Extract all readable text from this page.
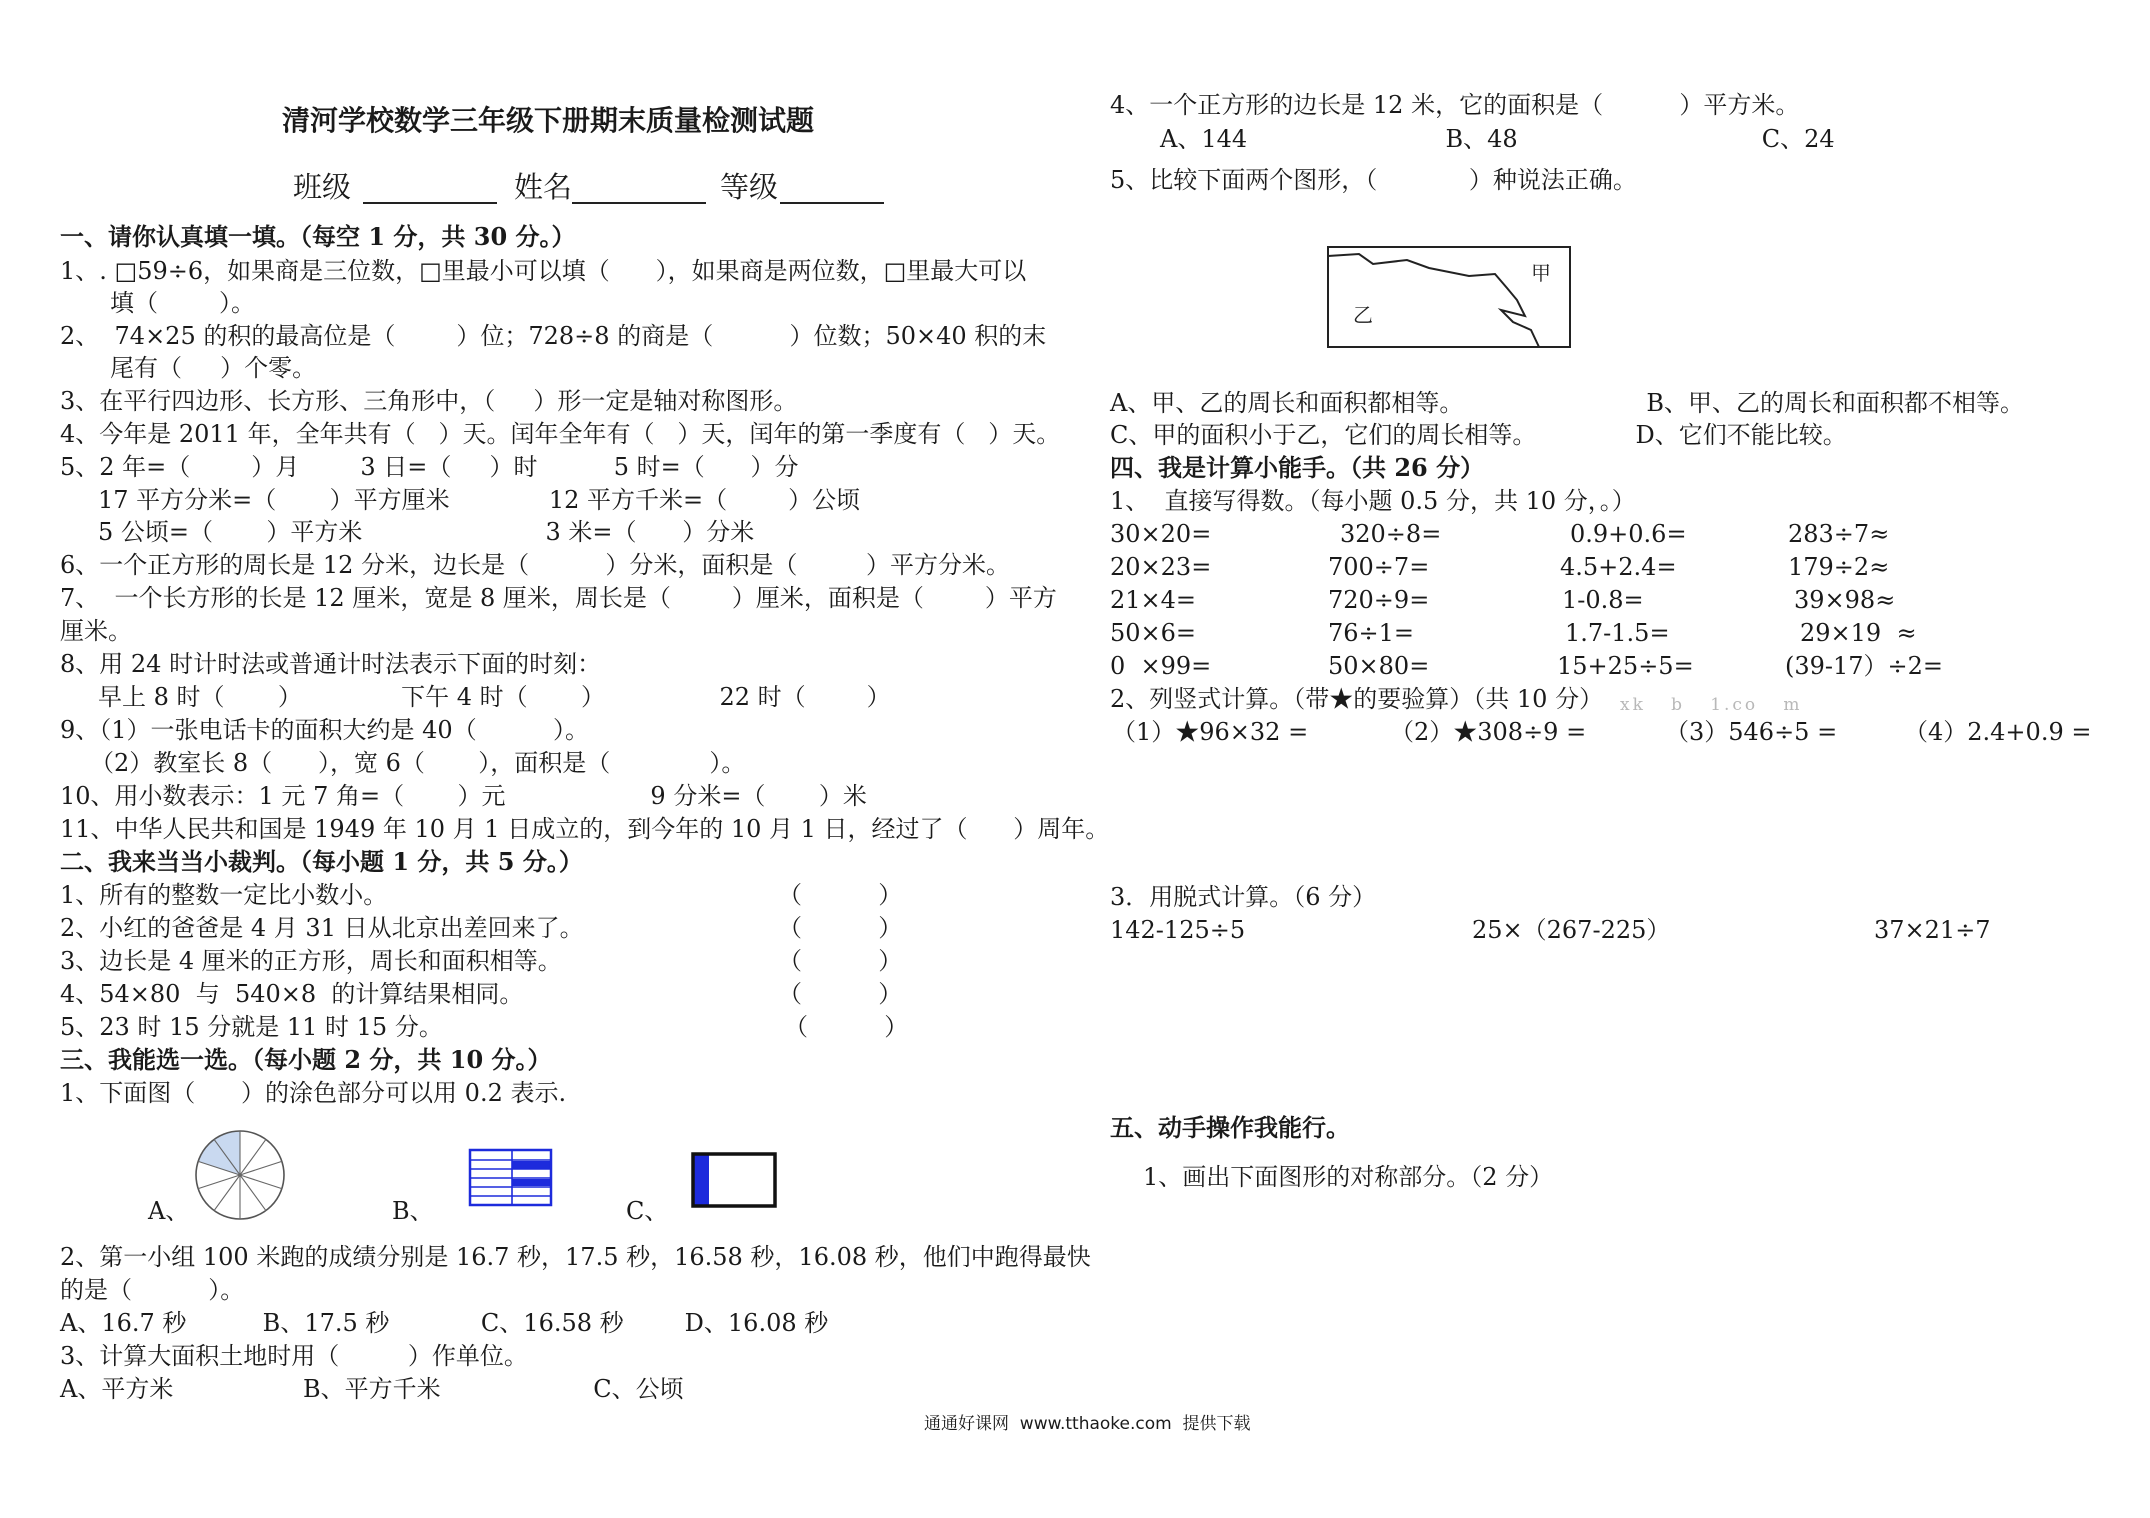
清河学校数学三年级下册期末质量检测试题
班级	姓名	等级
一、请你认真填一填。（每空 1 分，共 30 分。）
1、. □59÷6，如果商是三位数，□里最小可以填（      ），如果商是两位数，□里最大可以
填（        ）。
2、  74×25 的积的最高位是（        ）位；728÷8 的商是（          ）位数；50×40 积的末
尾有（     ）个零。
3、在平行四边形、长方形、三角形中，（     ）形一定是轴对称图形。
4、今年是 2011 年，全年共有（   ）天。闰年全年有（   ）天，闰年的第一季度有（   ）天。
5、2 年=（        ）月        3 日=（     ）时          5 时=（      ）分
17 平方分米=（       ）平方厘米             12 平方千米=（        ）公顷
5 公顷=（       ）平方米                        3 米=（      ）分米
6、一个正方形的周长是 12 分米，边长是（          ）分米，面积是（         ）平方分米。
7、  一个长方形的长是 12 厘米，宽是 8 厘米，周长是（        ）厘米，面积是（        ）平方
厘米。
8、用 24 时计时法或普通计时法表示下面的时刻：
早上 8 时（       ）             下午 4 时（       ）               22 时（        ）
9、（1）一张电话卡的面积大约是 40（          ）。
（2）教室长 8（      ），宽 6（       ），面积是（             ）。
10、用小数表示：1 元 7 角=（       ）元                   9 分米=（       ）米
11、中华人民共和国是 1949 年 10 月 1 日成立的，到今年的 10 月 1 日，经过了（      ）周年。
二、我来当当小裁判。（每小题 1 分，共 5 分。）
1、所有的整数一定比小数小。	（          ）
2、小红的爸爸是 4 月 31 日从北京出差回来了。	（          ）
3、边长是 4 厘米的正方形，周长和面积相等。	（          ）
4、54×80  与  540×8  的计算结果相同。	（          ）
5、23 时 15 分就是 11 时 15 分。	（          ）
三、我能选一选。（每小题 2 分，共 10 分。）
1、下面图（      ）的涂色部分可以用 0.2 表示.
A、	B、	C、
2、第一小组 100 米跑的成绩分别是 16.7 秒，17.5 秒，16.58 秒，16.08 秒，他们中跑得最快
的是（          ）。
A、16.7 秒          B、17.5 秒            C、16.58 秒        D、16.08 秒
3、计算大面积土地时用（         ）作单位。
A、平方米                 B、平方千米                    C、公顷
4、一个正方形的边长是 12 米，它的面积是（          ）平方米。
A、144                          B、48                                C、24
5、比较下面两个图形，（            ）种说法正确。
甲
乙
A、甲、乙的周长和面积都相等。                        B、甲、乙的周长和面积都不相等。
C、甲的面积小于乙，它们的周长相等。             D、它们不能比较。
四、我是计算小能手。（共 26 分）
1、  直接写得数。（每小题 0.5 分，共 10 分，。）
30×20=	320÷8=	0.9+0.6=	283÷7≈
20×23=	700÷7=	4.5+2.4=	179÷2≈
21×4=	720÷9=	1-0.8=	39×98≈
50×6=	76÷1=	1.7-1.5=	29×19  ≈
0  ×99=	50×80=	15+25÷5=	(39-17）÷2=
2、列竖式计算。（带★的要验算）（共 10 分） xk   b   1.co   m
（1）★96×32 =	（2）★308÷9 =	（3）546÷5 =	（4）2.4+0.9 =
3．用脱式计算。（6 分）
142-125÷5	25×（267-225）	37×21÷7
五、动手操作我能行。
1、画出下面图形的对称部分。（2 分）
通通好课网  www.tthaoke.com  提供下载
